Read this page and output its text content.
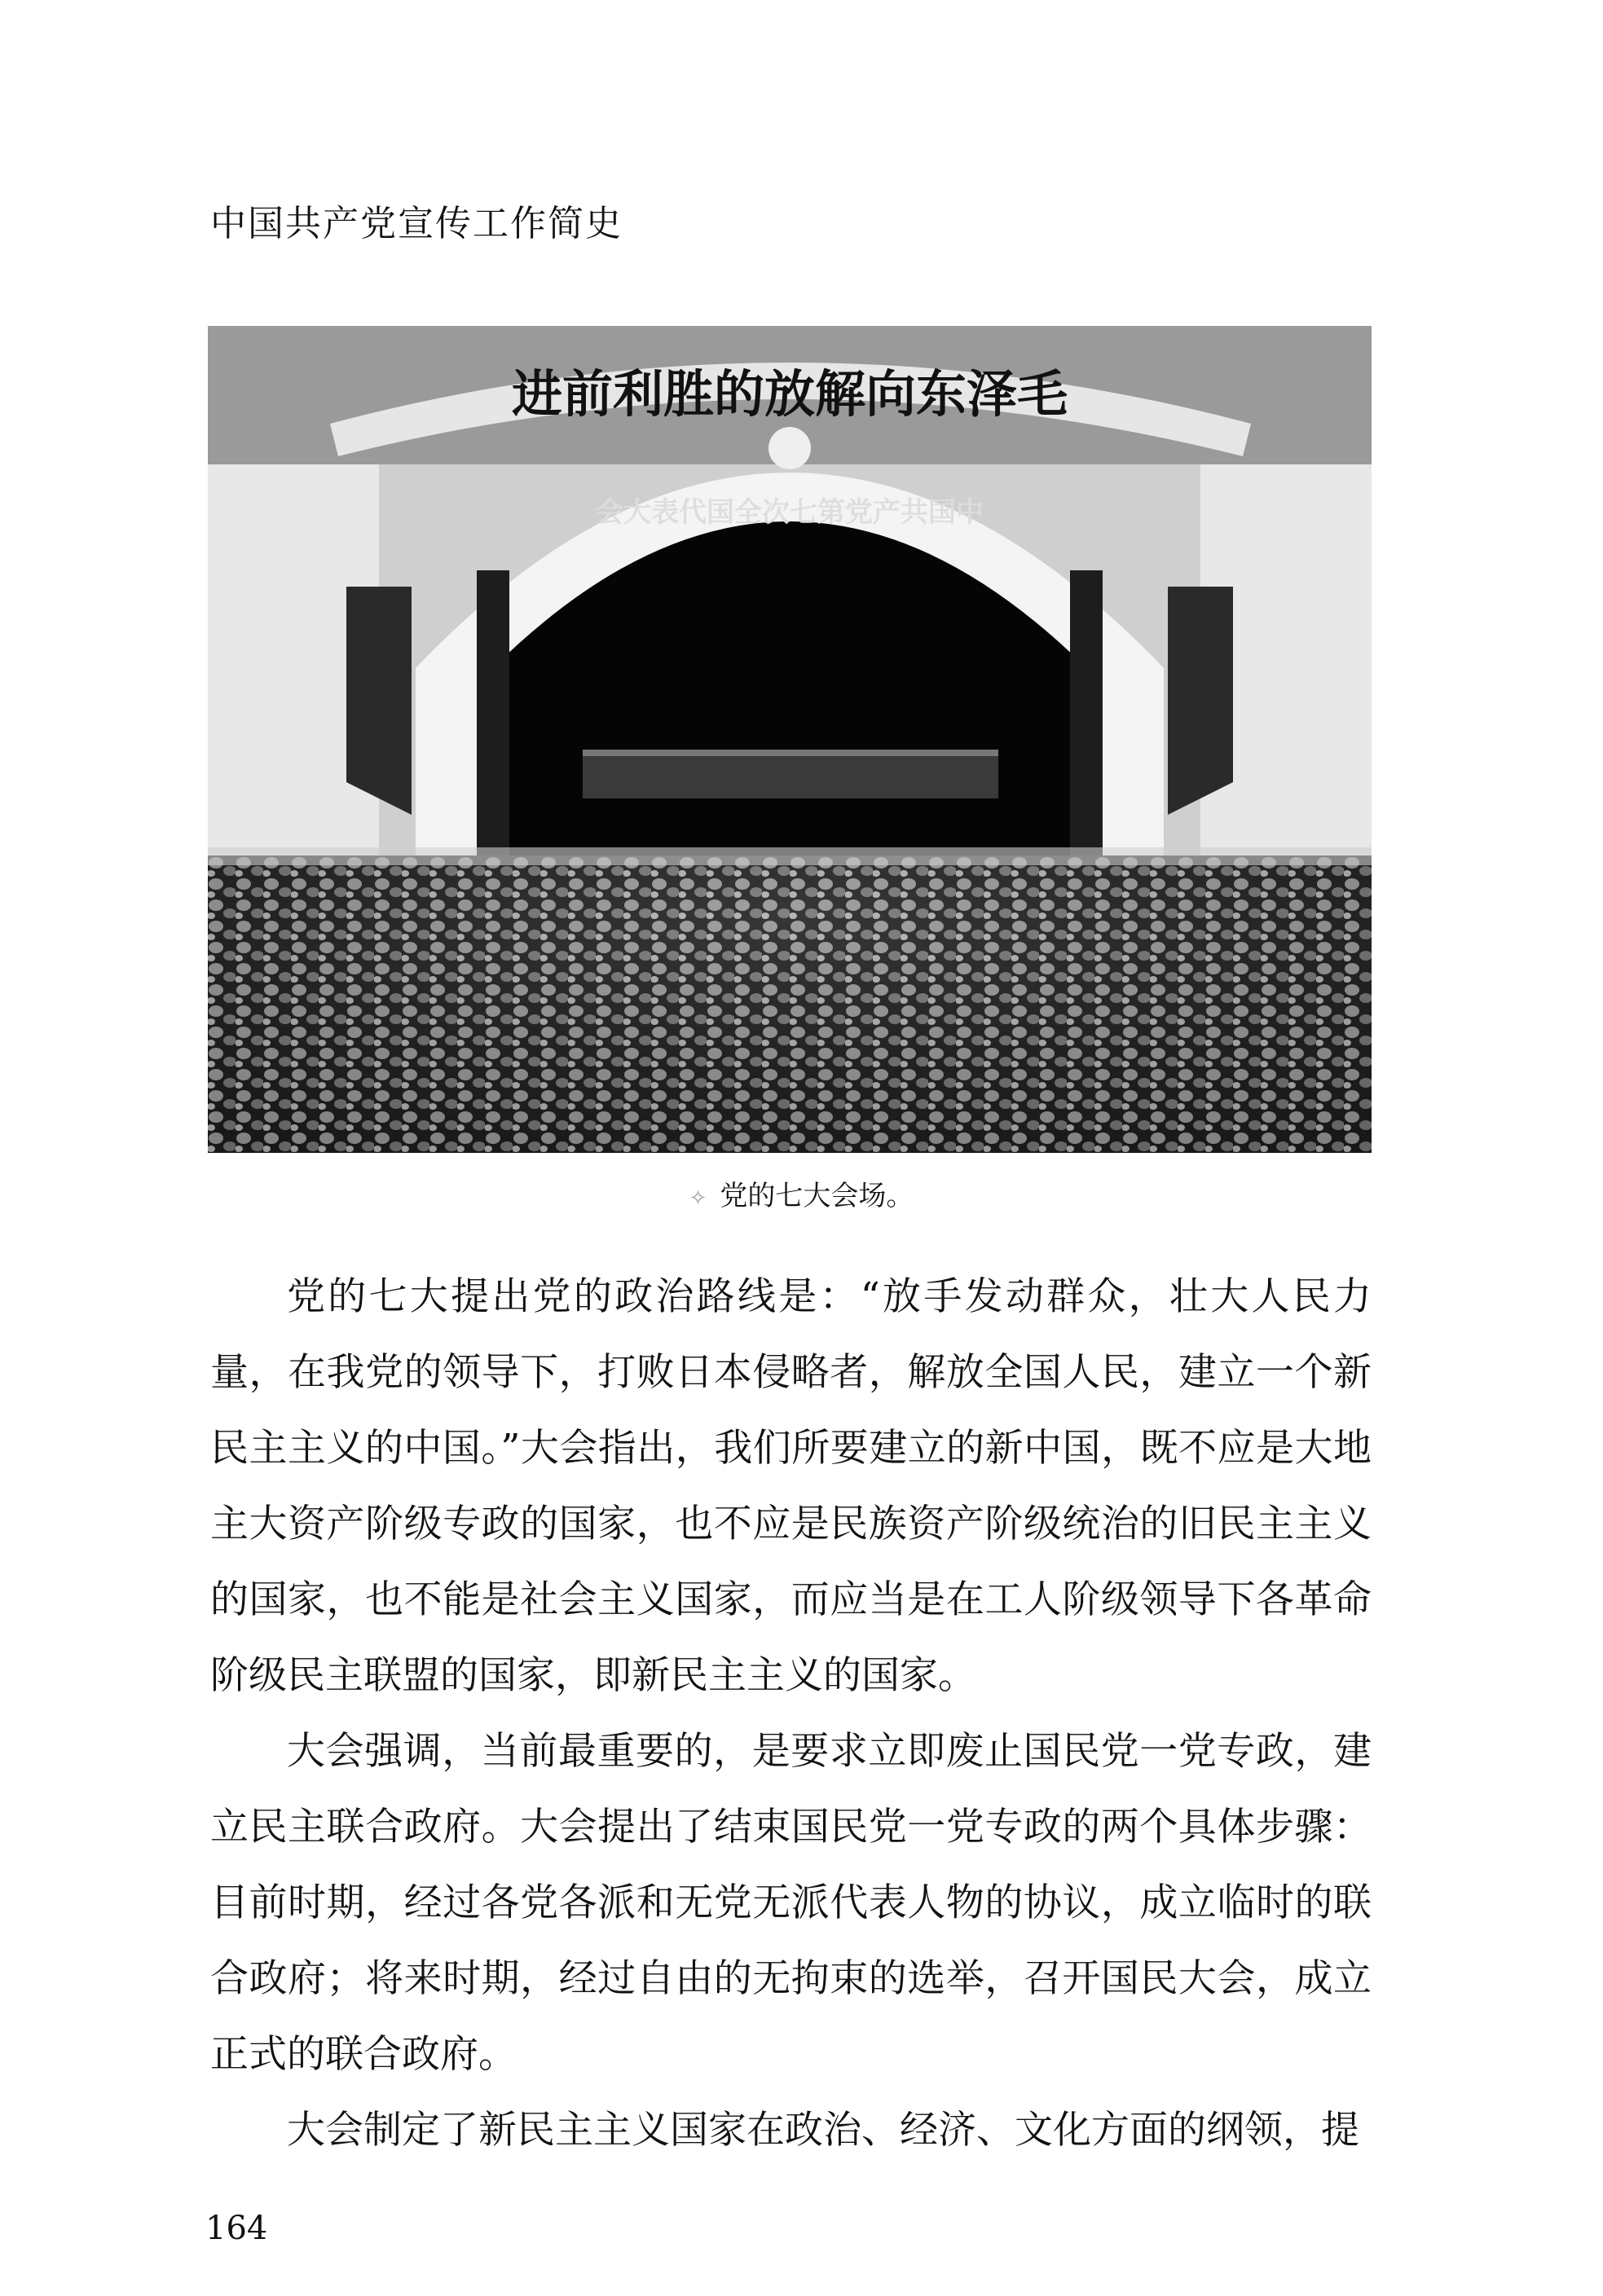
中国共产党宣传工作简史
进前利胜的放解向东泽毛
会大表代国全次七第党产共国中
✧ 党的七大会场。

党的七大提出党的政治路线是：“放手发动群众，壮大人民力量，在我党的领导下，打败日本侵略者，解放全国人民，建立一个新民主主义的中国。”大会指出，我们所要建立的新中国，既不应是大地主大资产阶级专政的国家，也不应是民族资产阶级统治的旧民主主义的国家，也不能是社会主义国家，而应当是在工人阶级领导下各革命阶级民主联盟的国家，即新民主主义的国家。

大会强调，当前最重要的，是要求立即废止国民党一党专政，建立民主联合政府。大会提出了结束国民党一党专政的两个具体步骤：目前时期，经过各党各派和无党无派代表人物的协议，成立临时的联合政府；将来时期，经过自由的无拘束的选举，召开国民大会，成立正式的联合政府。

大会制定了新民主主义国家在政治、经济、文化方面的纲领，提

164
